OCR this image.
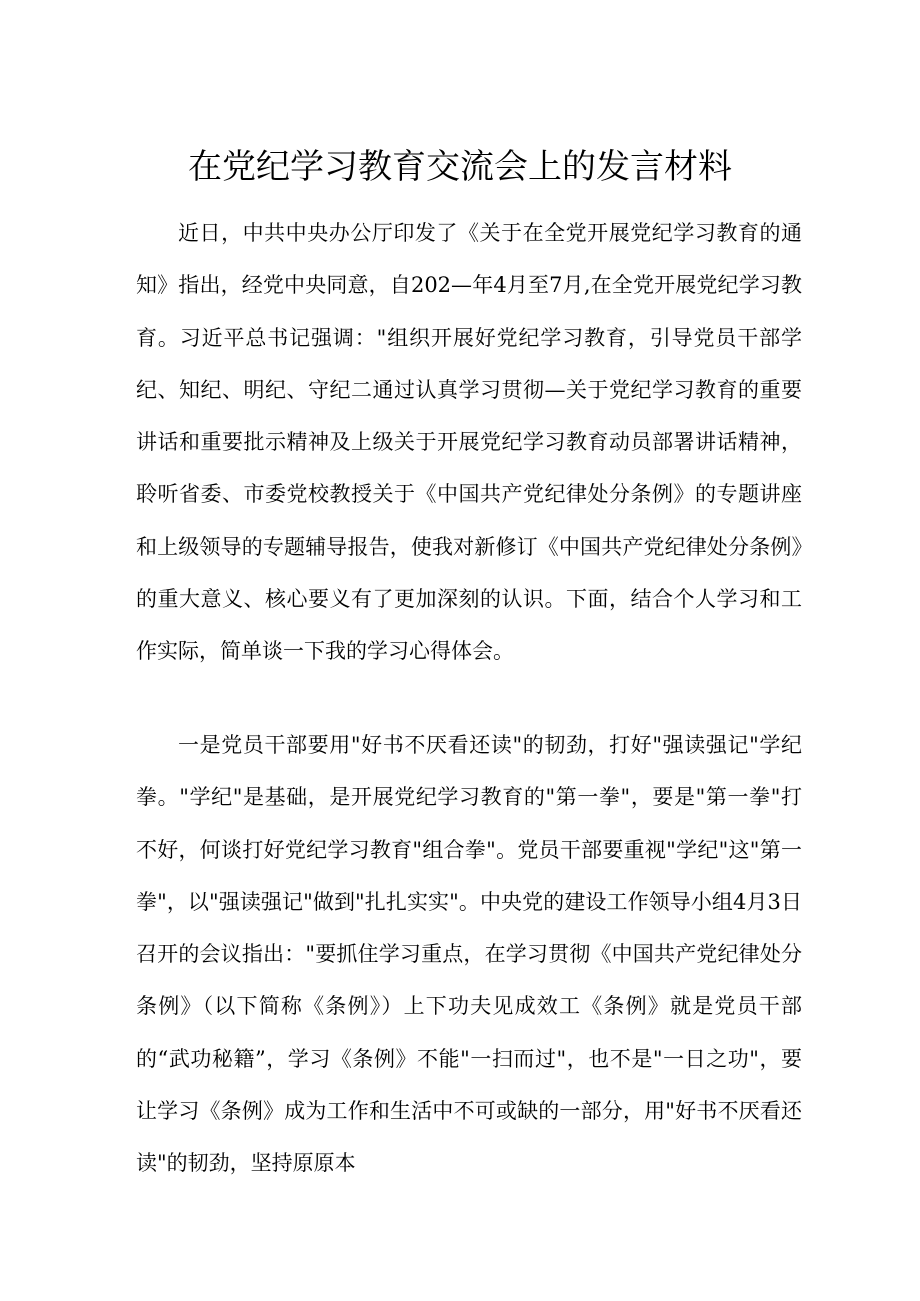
在党纪学习教育交流会上的发言材料

近日，中共中央办公厅印发了《关于在全党开展党纪学习教育的通知》指出，经党中央同意，自202—年4月至7月,在全党开展党纪学习教育。习近平总书记强调："组织开展好党纪学习教育，引导党员干部学纪、知纪、明纪、守纪二通过认真学习贯彻—关于党纪学习教育的重要讲话和重要批示精神及上级关于开展党纪学习教育动员部署讲话精神，聆听省委、市委党校教授关于《中国共产党纪律处分条例》的专题讲座和上级领导的专题辅导报告，使我对新修订《中国共产党纪律处分条例》的重大意义、核心要义有了更加深刻的认识。下面，结合个人学习和工作实际，简单谈一下我的学习心得体会。

一是党员干部要用"好书不厌看还读"的韧劲，打好"强读强记"学纪拳。"学纪"是基础，是开展党纪学习教育的"第一拳"，要是"第一拳"打不好，何谈打好党纪学习教育"组合拳"。党员干部要重视"学纪"这"第一拳"，以"强读强记"做到"扎扎实实"。中央党的建设工作领导小组4月3日召开的会议指出："要抓住学习重点，在学习贯彻《中国共产党纪律处分条例》（以下简称《条例》）上下功夫见成效工《条例》就是党员干部的“武功秘籍”，学习《条例》不能"一扫而过"，也不是"一日之功"，要让学习《条例》成为工作和生活中不可或缺的一部分，用"好书不厌看还读"的韧劲，坚持原原本
